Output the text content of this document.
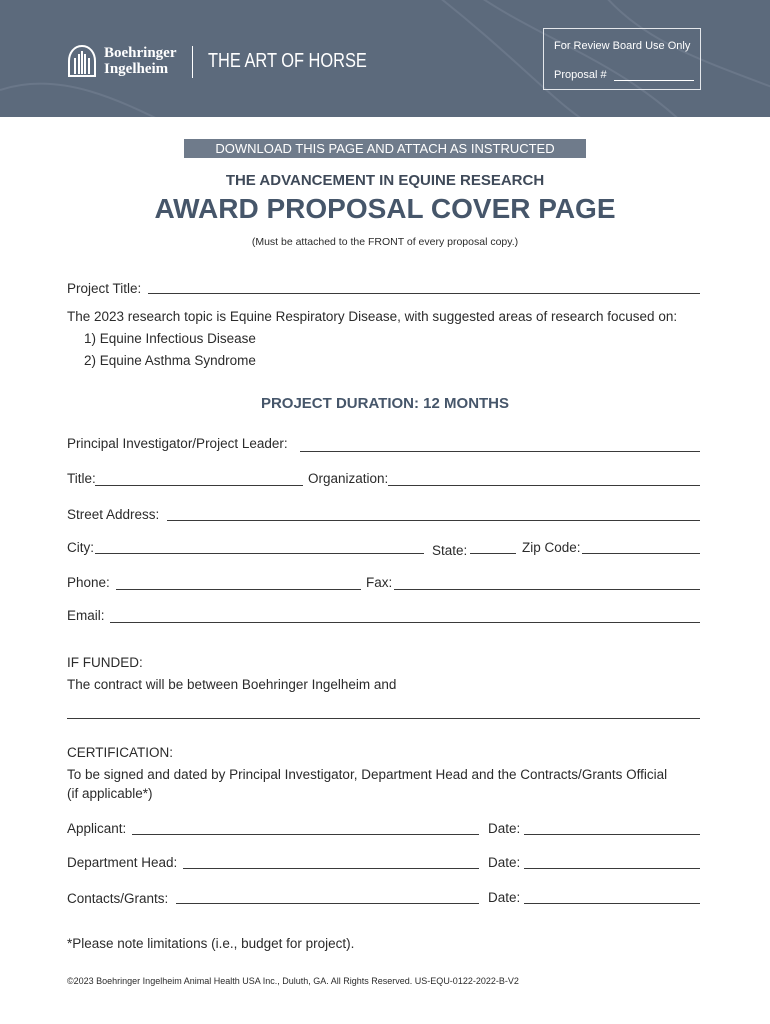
Boehringer
Ingelheim	THE ART OF HORSE
For Review Board Use Only
Proposal #
DOWNLOAD THIS PAGE AND ATTACH AS INSTRUCTED
THE ADVANCEMENT IN EQUINE RESEARCH
AWARD PROPOSAL COVER PAGE
(Must be attached to the FRONT of every proposal copy.)
Project Title:
The 2023 research topic is Equine Respiratory Disease, with suggested areas of research focused on:
1) Equine Infectious Disease
2) Equine Asthma Syndrome
PROJECT DURATION: 12 MONTHS
Principal Investigator/Project Leader:
Title:	Organization:
Street Address:
City:	State:	Zip Code:
Phone:	Fax:
Email:
IF FUNDED:
The contract will be between Boehringer Ingelheim and
CERTIFICATION:
To be signed and dated by Principal Investigator, Department Head and the Contracts/Grants Official
(if applicable*)
Applicant:	Date:
Department Head:	Date:
Contacts/Grants:	Date:
*Please note limitations (i.e., budget for project).
©2023 Boehringer Ingelheim Animal Health USA Inc., Duluth, GA. All Rights Reserved. US-EQU-0122-2022-B-V2
